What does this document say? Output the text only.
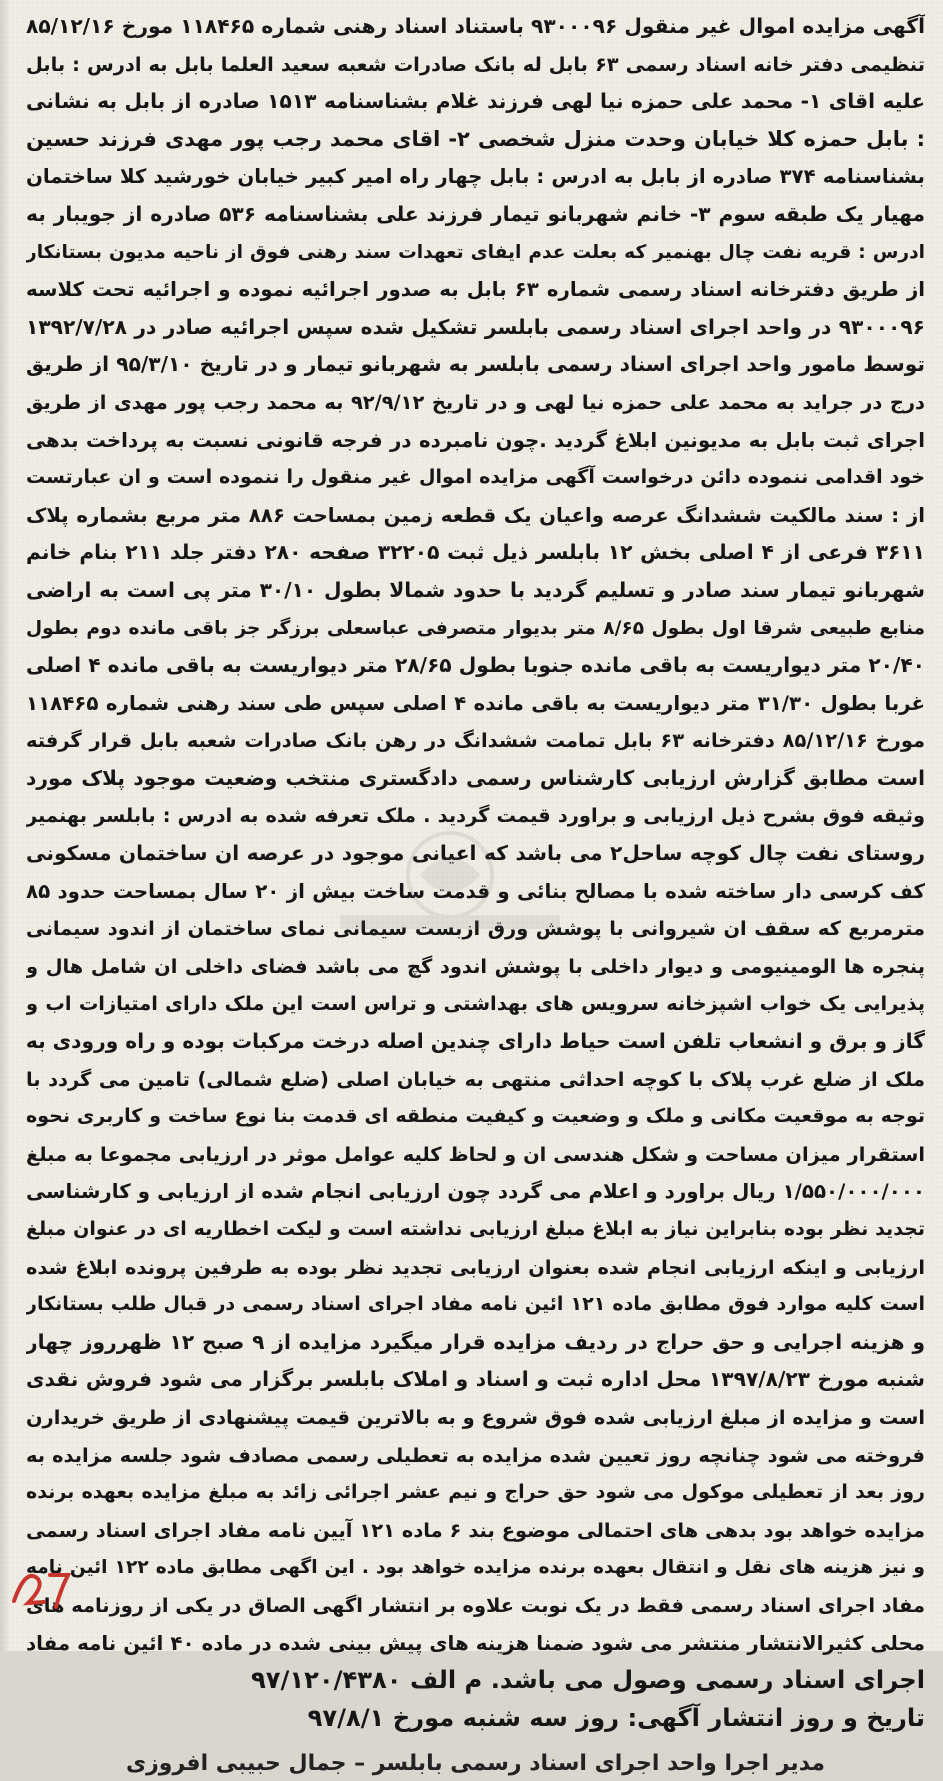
آگهی مزایده اموال غیر منقول ۹۳۰۰۰۹۶ باستناد اسناد رهنی شماره ۱۱۸۴۶۵ مورخ ۸۵/۱۲/۱۶
تنظیمی دفتر خانه اسناد رسمی ۶۳ بابل له بانک صادرات شعبه سعید العلما بابل به ادرس : بابل
علیه اقای ۱- محمد علی حمزه نیا لهی فرزند غلام بشناسنامه ۱۵۱۳ صادره از بابل به نشانی
: بابل حمزه کلا خیابان وحدت منزل شخصی ۲- اقای محمد رجب پور مهدی فرزند حسین
بشناسنامه ۳۷۴ صادره از بابل به ادرس : بابل چهار راه امیر کبیر خیابان خورشید کلا ساختمان
مهیار یک طبقه سوم ۳- خانم شهربانو تیمار فرزند علی بشناسنامه ۵۳۶ صادره از جویبار به
ادرس : قریه نفت چال بهنمیر که بعلت عدم ایفای تعهدات سند رهنی فوق از ناحیه مدیون بستانکار
از طریق دفترخانه اسناد رسمی شماره ۶۳ بابل به صدور اجرائیه نموده و اجرائیه تحت کلاسه
۹۳۰۰۰۹۶ در واحد اجرای اسناد رسمی بابلسر تشکیل شده سپس اجرائیه صادر در ۱۳۹۲/۷/۲۸
توسط مامور واحد اجرای اسناد رسمی بابلسر به شهربانو تیمار و در تاریخ ۹۵/۳/۱۰ از طریق
درج در جراید به محمد علی حمزه نیا لهی و در تاریخ ۹۲/۹/۱۲ به محمد رجب پور مهدی از طریق
اجرای ثبت بابل به مدیونین ابلاغ گردید .چون نامبرده در فرجه قانونی نسبت به پرداخت بدهی
خود اقدامی ننموده دائن درخواست آگهی مزایده اموال غیر منقول را ننموده است و ان عبارتست
از : سند مالکیت ششدانگ عرصه واعیان یک قطعه زمین بمساحت ۸۸۶ متر مربع بشماره پلاک
۳۶۱۱ فرعی از ۴ اصلی بخش ۱۲ بابلسر ذیل ثبت ۳۲۲۰۵ صفحه ۲۸۰ دفتر جلد ۲۱۱ بنام خانم
شهربانو تیمار سند صادر و تسلیم گردید با حدود شمالا بطول ۳۰/۱۰ متر پی است به اراضی
منابع طبیعی شرقا اول بطول ۸/۶۵ متر بدیوار متصرفی عباسعلی برزگر جز باقی مانده دوم بطول
۲۰/۴۰ متر دیواریست به باقی مانده جنوبا بطول ۲۸/۶۵ متر دیواریست به باقی مانده ۴ اصلی
غربا بطول ۳۱/۳۰ متر دیواریست به باقی مانده ۴ اصلی سپس طی سند رهنی شماره ۱۱۸۴۶۵
مورخ ۸۵/۱۲/۱۶ دفترخانه ۶۳ بابل تمامت ششدانگ در رهن بانک صادرات شعبه بابل قرار گرفته
است مطابق گزارش ارزیابی کارشناس رسمی دادگستری منتخب وضعیت موجود پلاک مورد
وثیقه فوق بشرح ذیل ارزیابی و براورد قیمت گردید . ملک تعرفه شده به ادرس : بابلسر بهنمیر
روستای نفت چال کوچه ساحل۲ می باشد که اعیانی موجود در عرصه ان ساختمان مسکونی
کف کرسی دار ساخته شده با مصالح بنائی و قدمت ساخت بیش از ۲۰ سال بمساحت حدود ۸۵
مترمربع که سقف ان شیروانی با پوشش ورق ازبست سیمانی نمای ساختمان از اندود سیمانی
پنجره ها الومینیومی و دیوار داخلی با پوشش اندود گچ می باشد فضای داخلی ان شامل هال و
پذیرایی یک خواب اشپزخانه سرویس های بهداشتی و تراس است این ملک دارای امتیازات اب و
گاز و برق و انشعاب تلفن است حیاط دارای چندین اصله درخت مرکبات بوده و راه ورودی به
ملک از ضلع غرب پلاک با کوچه احداثی منتهی به خیابان اصلی (ضلع شمالی) تامین می گردد با
توجه به موقعیت مکانی و ملک و وضعیت و کیفیت منطقه ای قدمت بنا نوع ساخت و کاربری نحوه
استقرار میزان مساحت و شکل هندسی ان و لحاظ کلیه عوامل موثر در ارزیابی مجموعا به مبلغ
۱/۵۵۰/۰۰۰/۰۰۰ ریال براورد و اعلام می گردد چون ارزیابی انجام شده از ارزیابی و کارشناسی
تجدید نظر بوده بنابراین نیاز به ابلاغ مبلغ ارزیابی نداشته است و لیکت اخطاریه ای در عنوان مبلغ
ارزیابی و اینکه ارزیابی انجام شده بعنوان ارزیابی تجدید نظر بوده به طرفین پرونده ابلاغ شده
است کلیه موارد فوق مطابق ماده ۱۲۱ ائین نامه مفاد اجرای اسناد رسمی در قبال طلب بستانکار
و هزینه اجرایی و حق حراج در ردیف مزایده قرار میگیرد مزایده از ۹ صبح ۱۲ ظهرروز چهار
شنبه مورخ ۱۳۹۷/۸/۲۳ محل اداره ثبت و اسناد و املاک بابلسر برگزار می شود فروش نقدی
است و مزایده از مبلغ ارزیابی شده فوق شروع و به بالاترین قیمت پیشنهادی از طریق خریدارن
فروخته می شود چنانچه روز تعیین شده مزایده به تعطیلی رسمی مصادف شود جلسه مزایده به
روز بعد از تعطیلی موکول می شود حق حراج و نیم عشر اجرائی زائد به مبلغ مزایده بعهده برنده
مزایده خواهد بود بدهی های احتمالی موضوع بند ۶ ماده ۱۲۱ آیین نامه مفاد اجرای اسناد رسمی
و نیز هزینه های نقل و انتقال بعهده برنده مزایده خواهد بود . این اگهی مطابق ماده ۱۲۲ ائین نامه
مفاد اجرای اسناد رسمی فقط در یک نوبت علاوه بر انتشار اگهی الصاق در یکی از روزنامه های
محلی کثیرالانتشار منتشر می شود ضمنا هزینه های پیش بینی شده در ماده ۴۰ ائین نامه مفاد
اجرای اسناد رسمی وصول می باشد. م الف ۹۷/۱۲۰/۴۳۸۰
تاریخ و روز انتشار آگهی: روز سه شنبه مورخ ۹۷/۸/۱
مدیر اجرا واحد اجرای اسناد رسمی بابلسر – جمال حبیبی افروزی
